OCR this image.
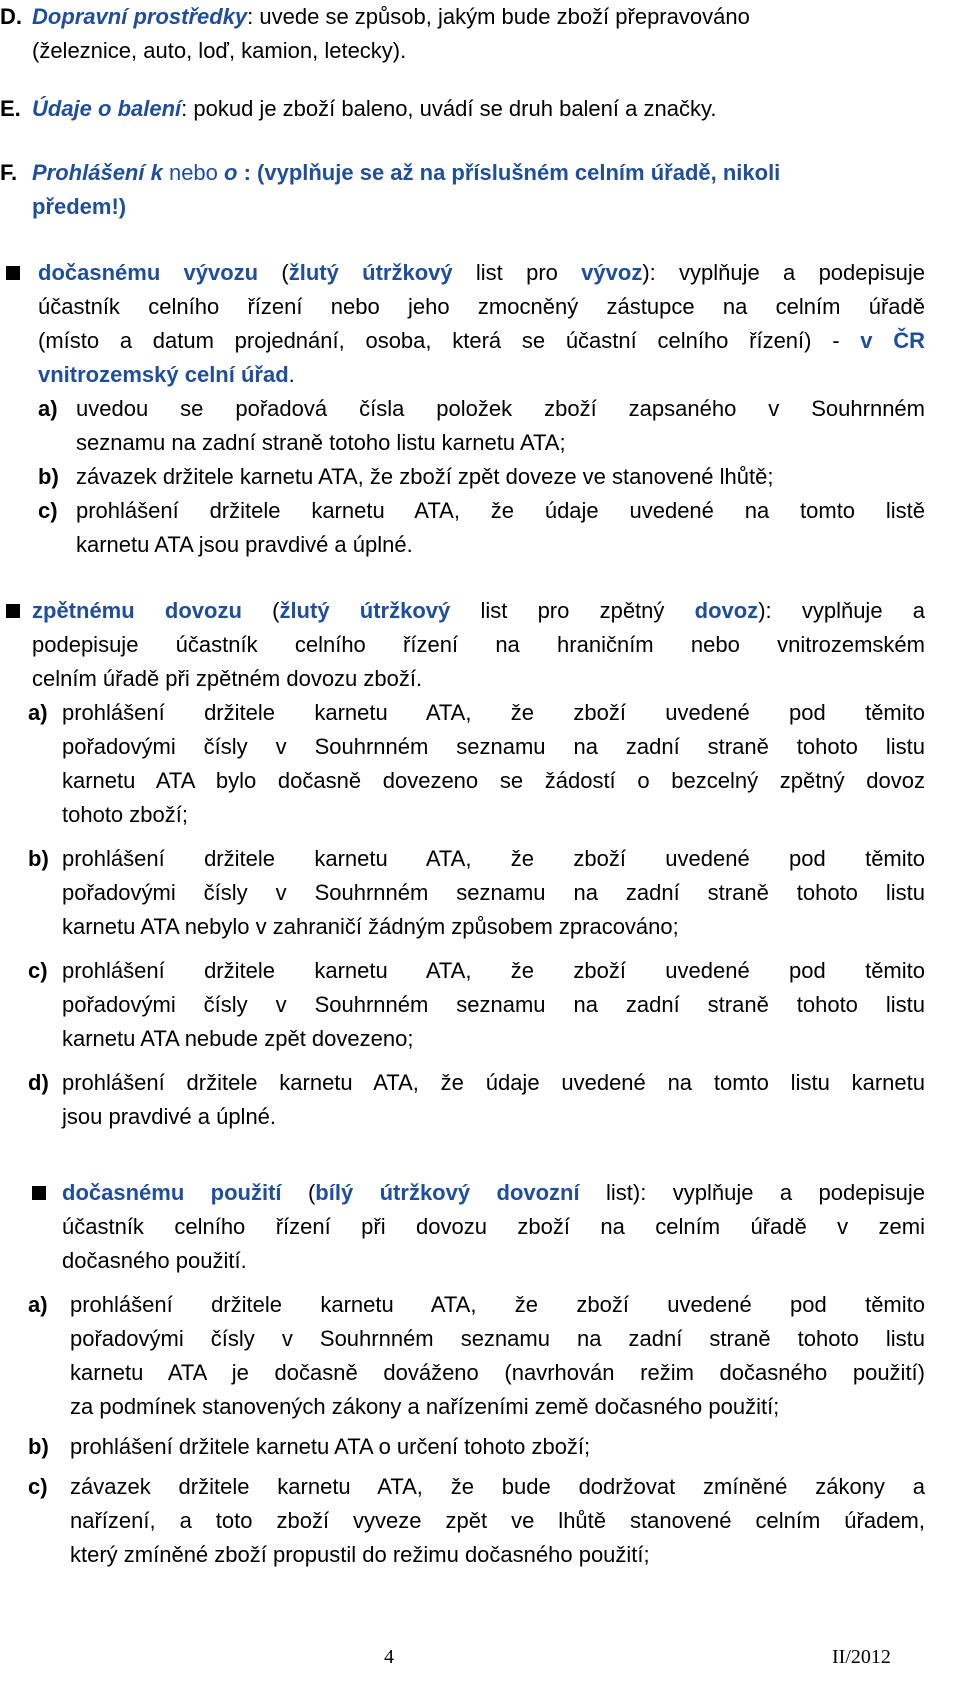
D. Dopravní prostředky: uvede se způsob, jakým bude zboží přepravováno
(železnice, auto, loď, kamion, letecky).
E. Údaje o balení: pokud je zboží baleno, uvádí se druh balení a značky.
F. Prohlášení k nebo o : (vyplňuje se až na příslušném celním úřadě, nikoli
předem!)
dočasnému vývozu (žlutý útržkový list pro vývoz): vyplňuje a podepisuje
účastník celního řízení nebo jeho zmocněný zástupce na celním úřadě
(místo a datum projednání, osoba, která se účastní celního řízení) - v ČR
vnitrozemský celní úřad.
a) uvedou se pořadová čísla položek zboží zapsaného v Souhrnném
seznamu na zadní straně totoho listu karnetu ATA;
b) závazek držitele karnetu ATA, že zboží zpět doveze ve stanovené lhůtě;
c) prohlášení držitele karnetu ATA, že údaje uvedené na tomto listě
karnetu ATA jsou pravdivé a úplné.
zpětnému dovozu (žlutý útržkový list pro zpětný dovoz): vyplňuje a
podepisuje účastník celního řízení na hraničním nebo vnitrozemském
celním úřadě při zpětném dovozu zboží.
a) prohlášení držitele karnetu ATA, že zboží uvedené pod těmito
pořadovými čísly v Souhrnném seznamu na zadní straně tohoto listu
karnetu ATA bylo dočasně dovezeno se žádostí o bezcelný zpětný dovoz
tohoto zboží;
b) prohlášení držitele karnetu ATA, že zboží uvedené pod těmito
pořadovými čísly v Souhrnném seznamu na zadní straně tohoto listu
karnetu ATA nebylo v zahraničí žádným způsobem zpracováno;
c) prohlášení držitele karnetu ATA, že zboží uvedené pod těmito
pořadovými čísly v Souhrnném seznamu na zadní straně tohoto listu
karnetu ATA nebude zpět dovezeno;
d) prohlášení držitele karnetu ATA, že údaje uvedené na tomto listu karnetu
jsou pravdivé a úplné.
dočasnému použití (bílý útržkový dovozní list): vyplňuje a podepisuje
účastník celního řízení při dovozu zboží na celním úřadě v zemi
dočasného použití.
a) prohlášení držitele karnetu ATA, že zboží uvedené pod těmito
pořadovými čísly v Souhrnném seznamu na zadní straně tohoto listu
karnetu ATA je dočasně dováženo (navrhován režim dočasného použití)
za podmínek stanovených zákony a nařízeními země dočasného použití;
b) prohlášení držitele karnetu ATA o určení tohoto zboží;
c) závazek držitele karnetu ATA, že bude dodržovat zmíněné zákony a
nařízení, a toto zboží vyveze zpět ve lhůtě stanovené celním úřadem,
který zmíněné zboží propustil do režimu dočasného použití;
4	II/2012
